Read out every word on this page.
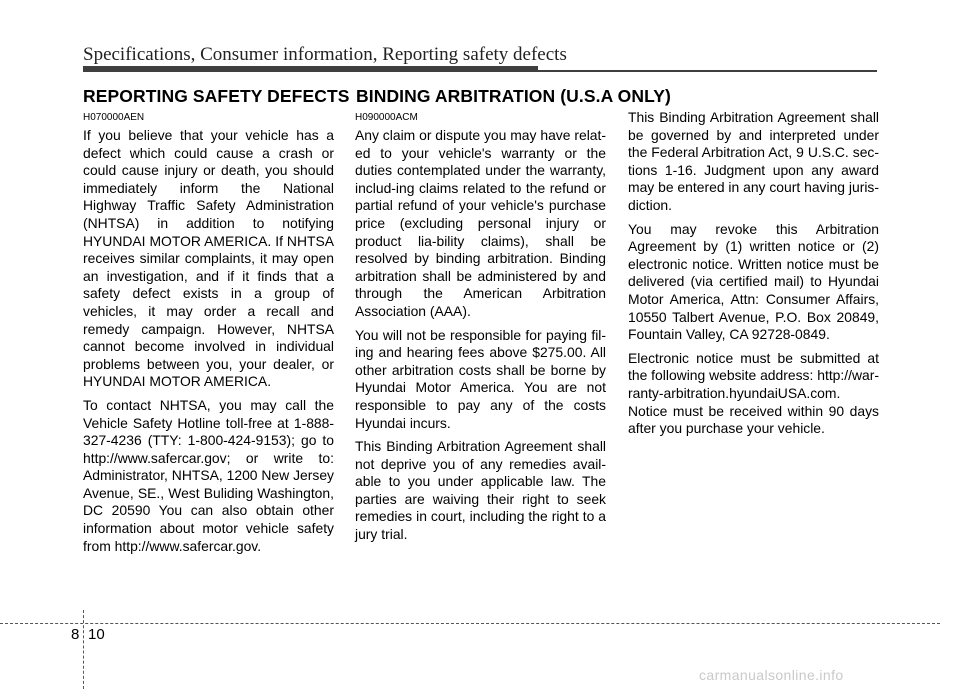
Specifications, Consumer information, Reporting safety defects
REPORTING SAFETY DEFECTS BINDING ARBITRATION (U.S.A ONLY)
H070000AEN

If you believe that your vehicle has a defect which could cause a crash or could cause injury or death, you should immediately inform the National Highway Traffic Safety Administration (NHTSA) in addition to notifying HYUNDAI MOTOR AMERICA. If NHTSA receives similar complaints, it may open an investigation, and if it finds that a safety defect exists in a group of vehicles, it may order a recall and remedy campaign. However, NHTSA cannot become involved in individual problems between you, your dealer, or HYUNDAI MOTOR AMERICA.

To contact NHTSA, you may call the Vehicle Safety Hotline toll-free at 1-888-327-4236 (TTY: 1-800-424-9153); go to http://www.safercar.gov; or write to: Administrator, NHTSA, 1200 New Jersey Avenue, SE., West Buliding Washington, DC 20590 You can also obtain other information about motor vehicle safety from http://www.safercar.gov.

H090000ACM

Any claim or dispute you may have relat-ed to your vehicle's warranty or the duties contemplated under the warranty, includ-ing claims related to the refund or partial refund of your vehicle's purchase price (excluding personal injury or product lia-bility claims), shall be resolved by binding arbitration. Binding arbitration shall be administered by and through the American Arbitration Association (AAA).

You will not be responsible for paying fil-ing and hearing fees above $275.00. All other arbitration costs shall be borne by Hyundai Motor America. You are not responsible to pay any of the costs Hyundai incurs.

This Binding Arbitration Agreement shall not deprive you of any remedies avail-able to you under applicable law. The parties are waiving their right to seek remedies in court, including the right to a jury trial.

This Binding Arbitration Agreement shall be governed by and interpreted under the Federal Arbitration Act, 9 U.S.C. sec-tions 1-16. Judgment upon any award may be entered in any court having juris-diction.

You may revoke this Arbitration Agreement by (1) written notice or (2) electronic notice. Written notice must be delivered (via certified mail) to Hyundai Motor America, Attn: Consumer Affairs, 10550 Talbert Avenue, P.O. Box 20849, Fountain Valley, CA 92728-0849.

Electronic notice must be submitted at the following website address: http://war-ranty-arbitration.hyundaiUSA.com. Notice must be received within 90 days after you purchase your vehicle.

8 10
carmanualsonline.info
